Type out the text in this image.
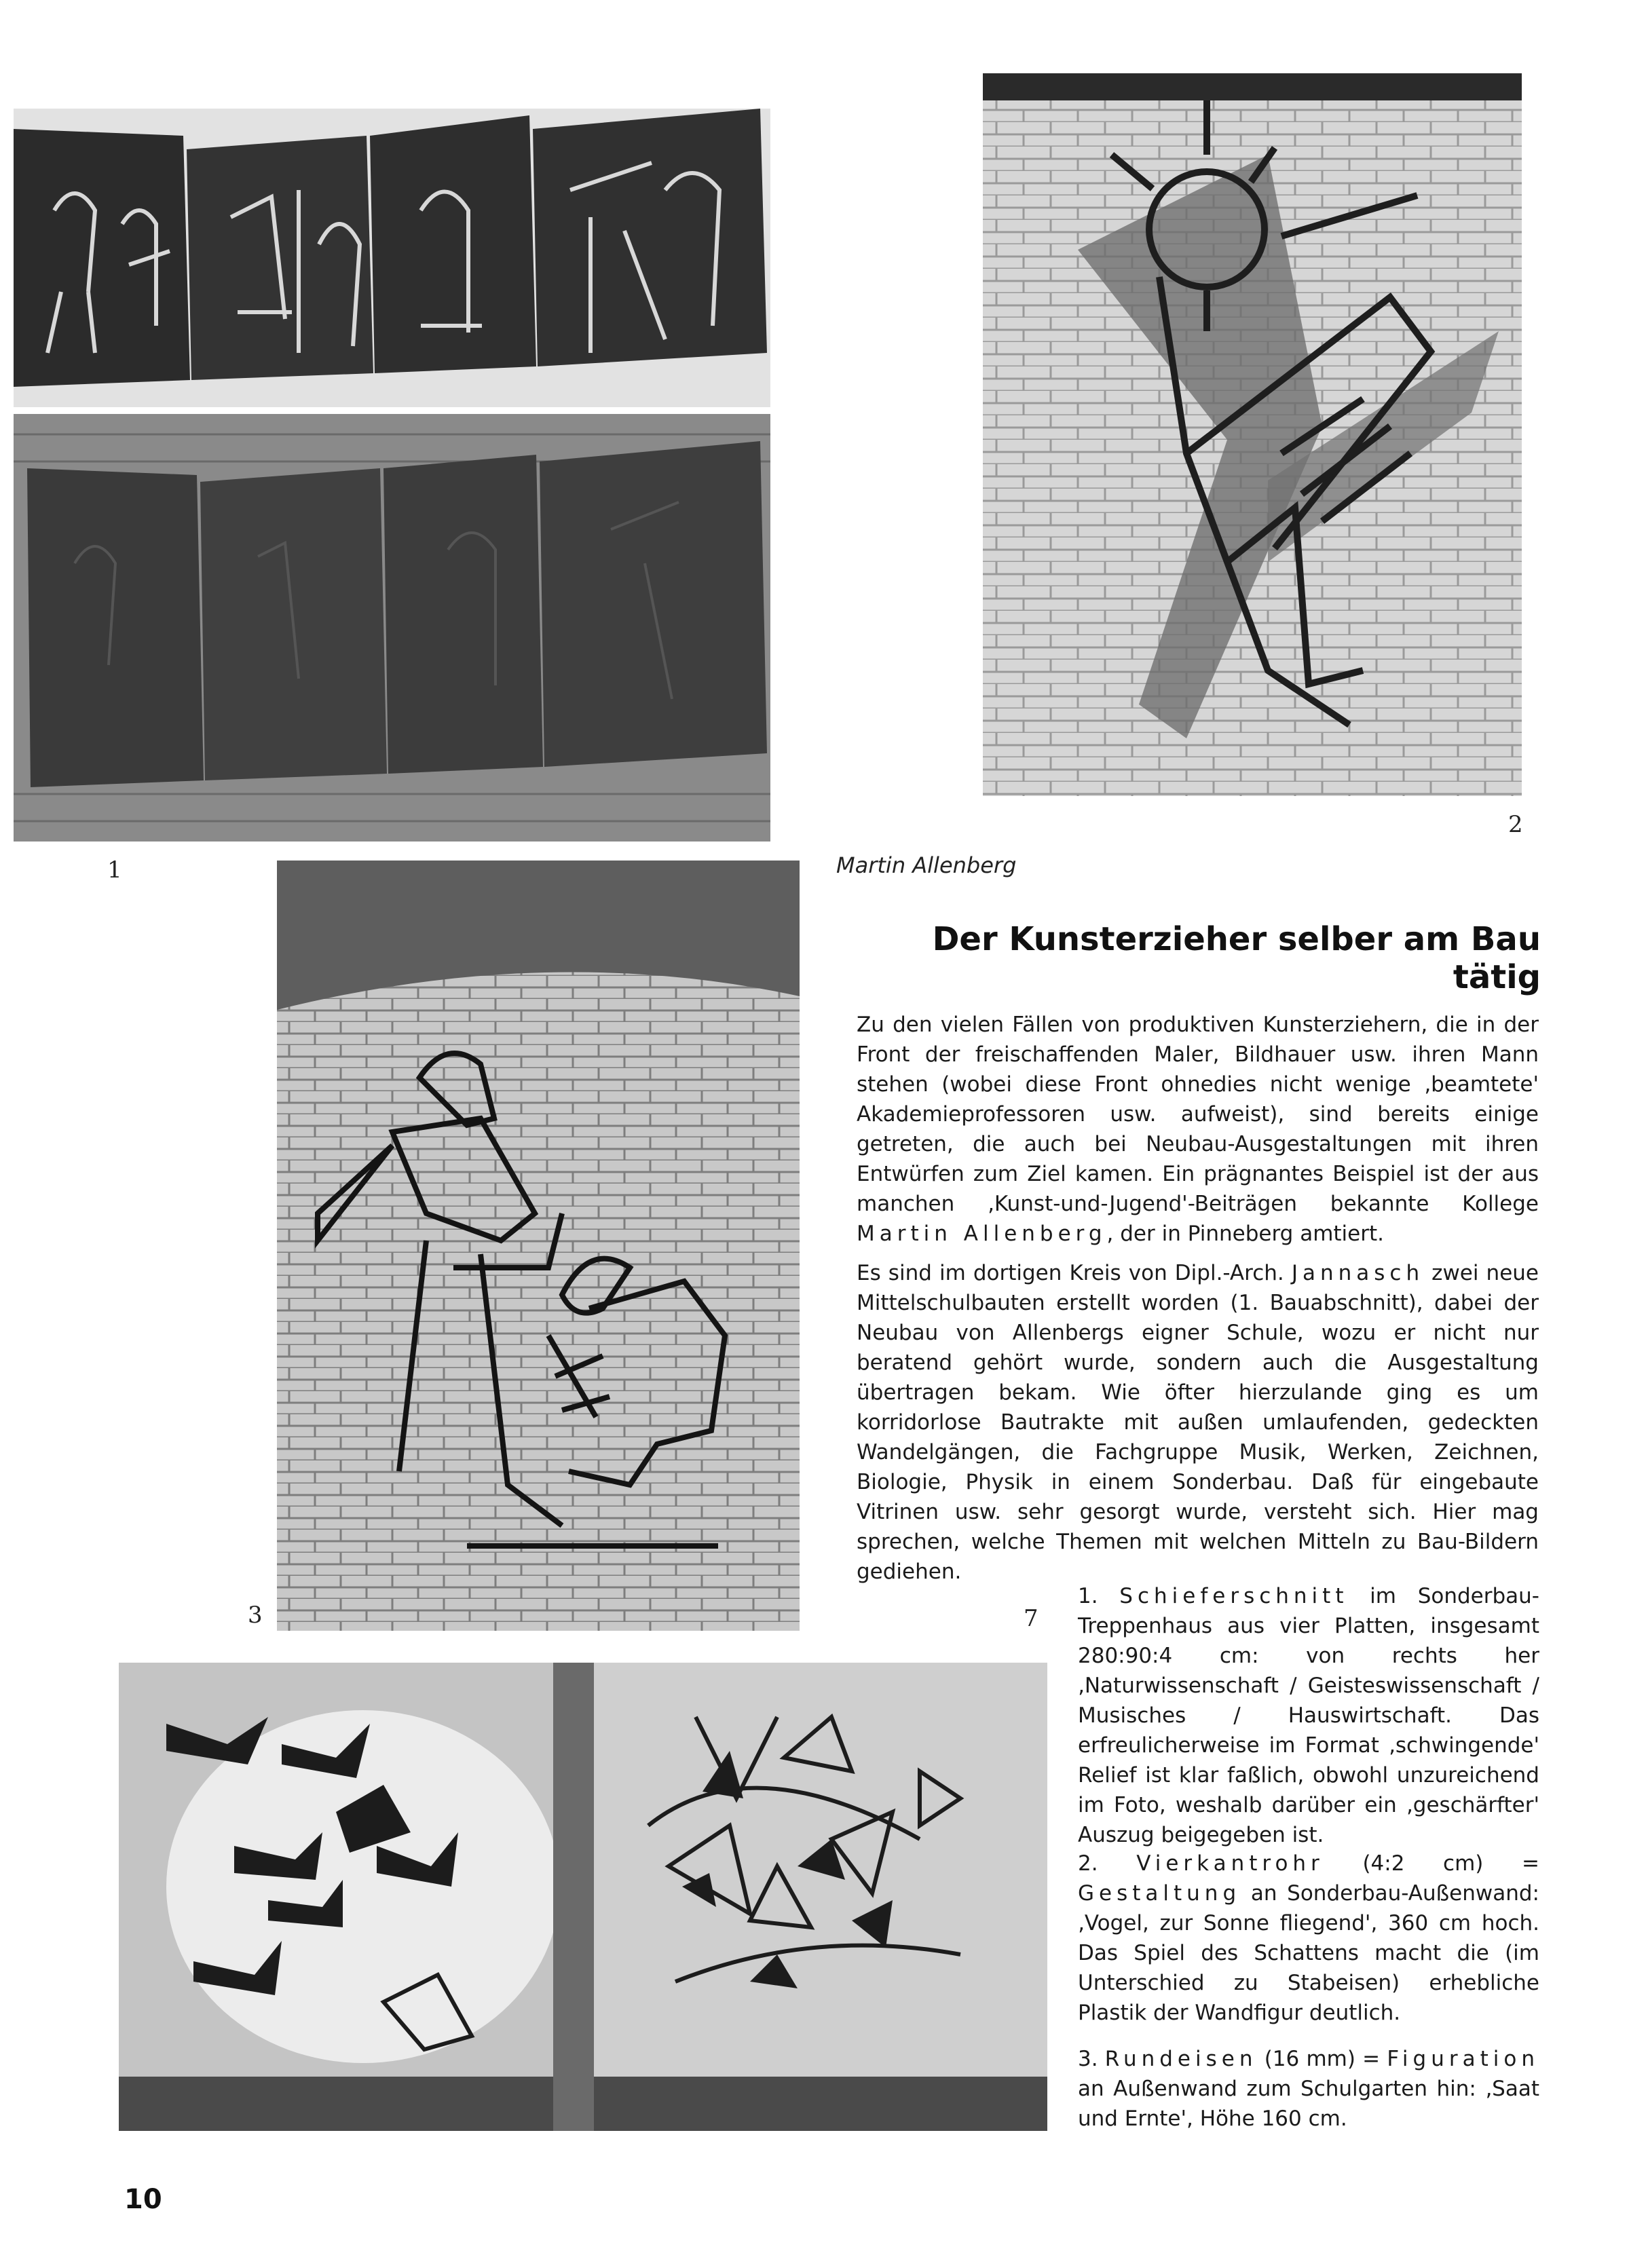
1
2
3	7
Martin Allenberg
Der Kunsterzieher selber am Bau tätig

Zu den vielen Fällen von produktiven Kunsterziehern, die in der Front der freischaffenden Maler, Bildhauer usw. ihren Mann stehen (wobei diese Front ohnedies nicht wenige ‚beamtete' Akademieprofessoren usw. aufweist), sind bereits einige getreten, die auch bei Neubau-Ausgestaltungen mit ihren Entwürfen zum Ziel kamen. Ein prägnantes Beispiel ist der aus manchen ‚Kunst-und-Jugend'-Beiträgen bekannte Kollege Martin Allenberg, der in Pinneberg amtiert.

Es sind im dortigen Kreis von Dipl.-Arch. Jannasch zwei neue Mittelschulbauten erstellt worden (1. Bauabschnitt), dabei der Neubau von Allenbergs eigner Schule, wozu er nicht nur beratend gehört wurde, sondern auch die Ausgestaltung übertragen bekam. Wie öfter hierzulande ging es um korridorlose Bautrakte mit außen umlaufenden, gedeckten Wandelgängen, die Fachgruppe Musik, Werken, Zeichnen, Biologie, Physik in einem Sonderbau. Daß für eingebaute Vitrinen usw. sehr gesorgt wurde, versteht sich. Hier mag sprechen, welche Themen mit welchen Mitteln zu Bau-Bildern gediehen.

1. Schieferschnitt im Sonderbau-Treppenhaus aus vier Platten, insgesamt 280:90:4 cm: von rechts her ‚Naturwissenschaft / Geisteswissenschaft / Musisches / Hauswirtschaft. Das erfreulicherweise im Format ‚schwingende' Relief ist klar faßlich, obwohl unzureichend im Foto, weshalb darüber ein ‚geschärfter' Auszug beigegeben ist.

2. Vierkantrohr (4:2 cm) = Gestaltung an Sonderbau-Außenwand: ‚Vogel, zur Sonne fliegend', 360 cm hoch. Das Spiel des Schattens macht die (im Unterschied zu Stabeisen) erhebliche Plastik der Wandfigur deutlich.

3. Rundeisen (16 mm) = Figuration an Außenwand zum Schulgarten hin: ‚Saat und Ernte', Höhe 160 cm.

10
